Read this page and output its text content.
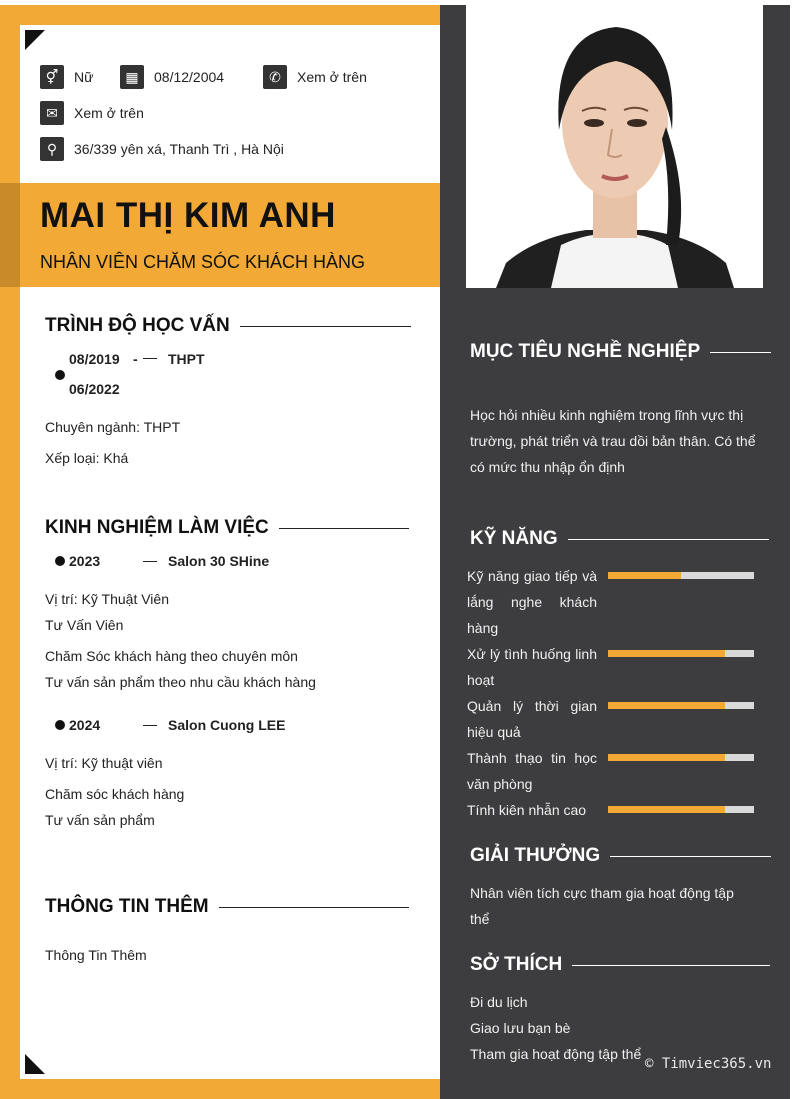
⚥	Nữ	▦	08/12/2004	✆	Xem ở trên
✉	Xem ở trên
⚲	36/339 yên xá, Thanh Trì , Hà Nội
MAI THỊ KIM ANH
NHÂN VIÊN CHĂM SÓC KHÁCH HÀNG
TRÌNH ĐỘ HỌC VẤN
08/2019 - THPT
06/2022
Chuyên ngành: THPT
Xếp loại: Khá
KINH NGHIỆM LÀM VIỆC
2023	Salon 30 SHine
Vị trí: Kỹ Thuật Viên
Tư Vấn Viên
Chăm Sóc khách hàng theo chuyên môn
Tư vấn sản phẩm theo nhu cầu khách hàng
2024	Salon Cuong LEE
Vị trí: Kỹ thuật viên
Chăm sóc khách hàng
Tư vấn sản phẩm
THÔNG TIN THÊM
Thông Tin Thêm
MỤC TIÊU NGHỀ NGHIỆP
Học hỏi nhiều kinh nghiệm trong lĩnh vực thị
trường, phát triển và trau dồi bản thân. Có thể
có mức thu nhập ổn định
KỸ NĂNG
Kỹ năng giao tiếp và lắng nghe khách hàng
Xử lý tình huống linh hoạt
Quản lý thời gian hiệu quả
Thành thạo tin học văn phòng
Tính kiên nhẫn cao
GIẢI THƯỞNG
Nhân viên tích cực tham gia hoạt động tập
thể
SỞ THÍCH
Đi du lịch
Giao lưu bạn bè
Tham gia hoạt động tập thể
© Timviec365.vn
